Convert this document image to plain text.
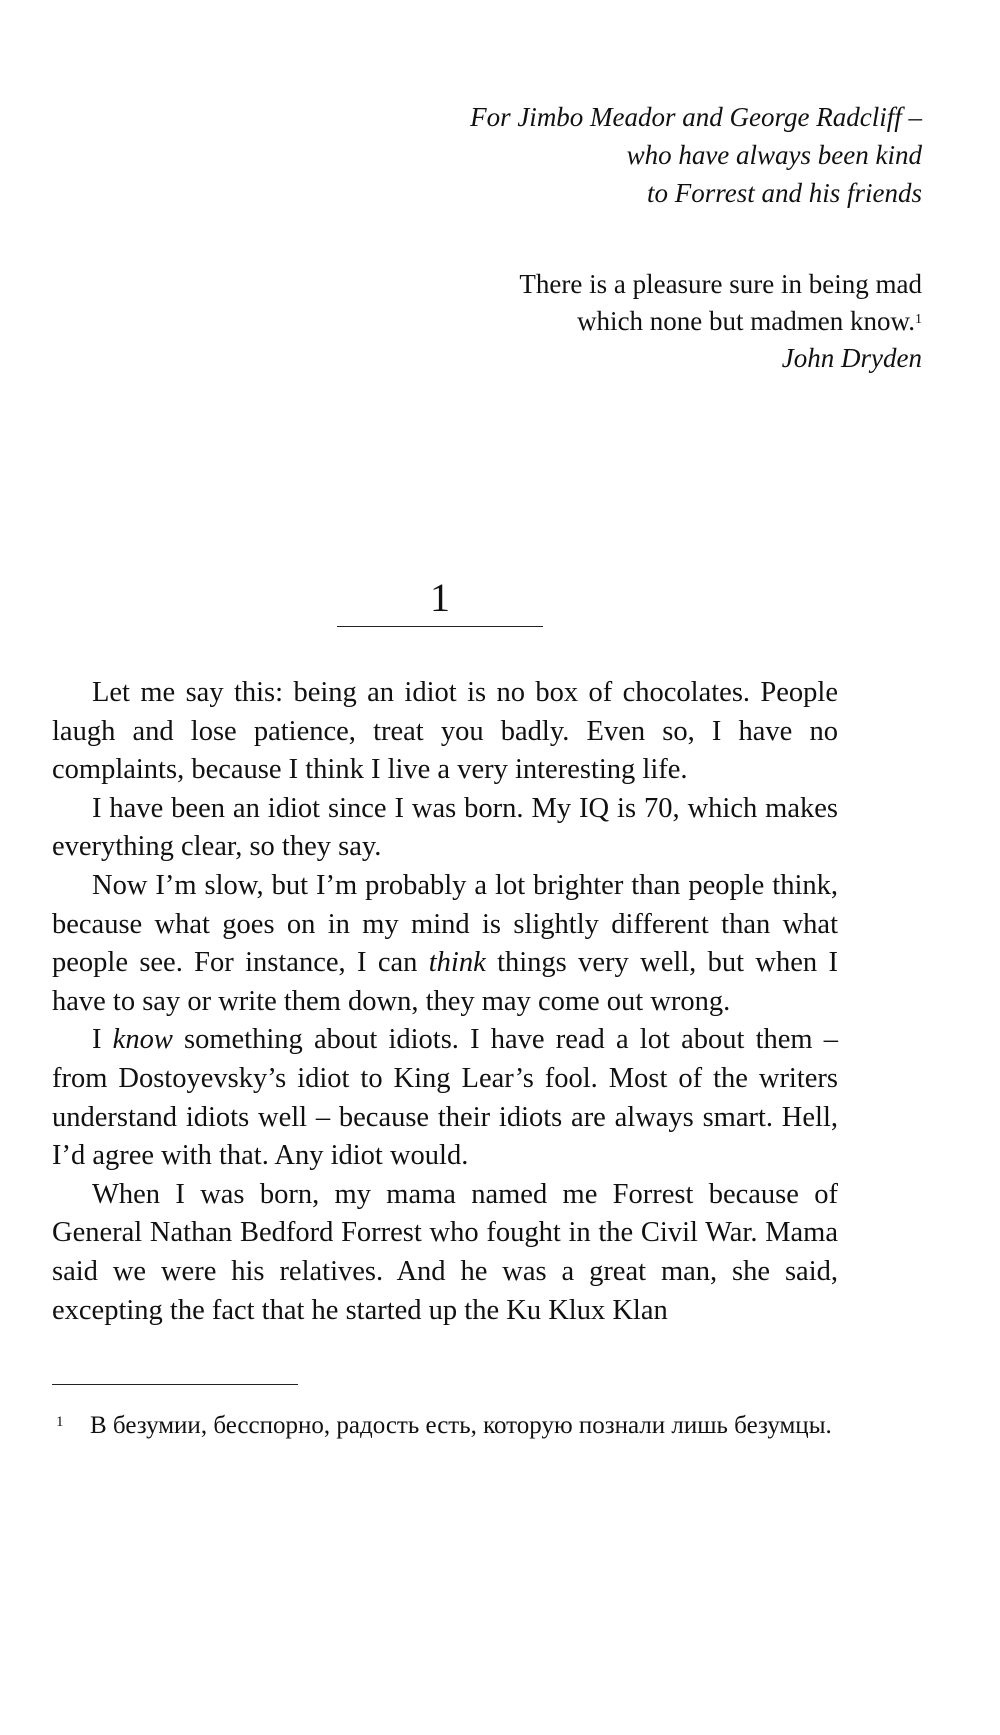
For Jimbo Meador and George Radcliff –
who have always been kind
to Forrest and his friends
There is a pleasure sure in being mad
which none but madmen know.$^1$
John Dryden
1

Let me say this: being an idiot is no box of chocolates. People laugh and lose patience, treat you badly. Even so, I have no complaints, because I think I live a very interesting life.

I have been an idiot since I was born. My IQ is 70, which makes everything clear, so they say.

Now I’m slow, but I’m probably a lot brighter than people think, because what goes on in my mind is slightly different than what people see. For instance, I can think things very well, but when I have to say or write them down, they may come out wrong.

I know something about idiots. I have read a lot about them – from Dostoyevsky’s idiot to King Lear’s fool. Most of the writers understand idiots well – because their idiots are always smart. Hell, I’d agree with that. Any idiot would.

When I was born, my mama named me Forrest because of General Nathan Bedford Forrest who fought in the Civil War. Mama said we were his relatives. And he was a great man, she said, excepting the fact that he started up the Ku Klux Klan

1 В безумии, бесспорно, радость есть, которую познали лишь безумцы.
